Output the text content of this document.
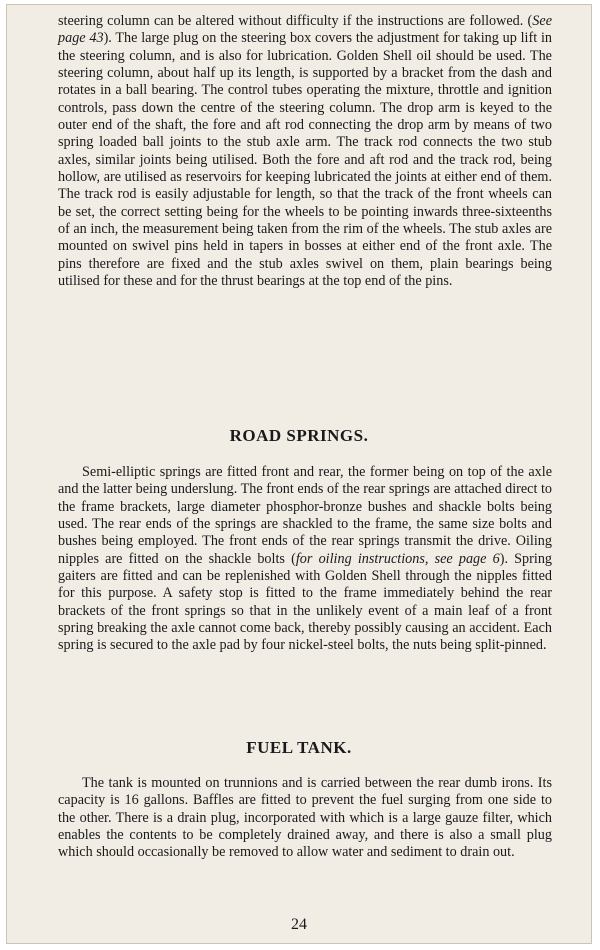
steering column can be altered without difficulty if the instructions are followed. (See page 43). The large plug on the steering box covers the adjustment for taking up lift in the steering column, and is also for lubrication. Golden Shell oil should be used. The steering column, about half up its length, is supported by a bracket from the dash and rotates in a ball bearing. The control tubes operating the mixture, throttle and ignition controls, pass down the centre of the steering column. The drop arm is keyed to the outer end of the shaft, the fore and aft rod connecting the drop arm by means of two spring loaded ball joints to the stub axle arm. The track rod connects the two stub axles, similar joints being utilised. Both the fore and aft rod and the track rod, being hollow, are utilised as reservoirs for keeping lubricated the joints at either end of them. The track rod is easily adjustable for length, so that the track of the front wheels can be set, the correct setting being for the wheels to be pointing inwards three-sixteenths of an inch, the measurement being taken from the rim of the wheels. The stub axles are mounted on swivel pins held in tapers in bosses at either end of the front axle. The pins therefore are fixed and the stub axles swivel on them, plain bearings being utilised for these and for the thrust bearings at the top end of the pins.

ROAD SPRINGS.

Semi-elliptic springs are fitted front and rear, the former being on top of the axle and the latter being underslung. The front ends of the rear springs are attached direct to the frame brackets, large diameter phosphor-bronze bushes and shackle bolts being used. The rear ends of the springs are shackled to the frame, the same size bolts and bushes being employed. The front ends of the rear springs transmit the drive. Oiling nipples are fitted on the shackle bolts (for oiling instructions, see page 6). Spring gaiters are fitted and can be replenished with Golden Shell through the nipples fitted for this purpose. A safety stop is fitted to the frame immediately behind the rear brackets of the front springs so that in the unlikely event of a main leaf of a front spring breaking the axle cannot come back, thereby possibly causing an accident. Each spring is secured to the axle pad by four nickel-steel bolts, the nuts being split-pinned.

FUEL TANK.

The tank is mounted on trunnions and is carried between the rear dumb irons. Its capacity is 16 gallons. Baffles are fitted to prevent the fuel surging from one side to the other. There is a drain plug, incorporated with which is a large gauze filter, which enables the contents to be completely drained away, and there is also a small plug which should occasionally be removed to allow water and sediment to drain out.

24
